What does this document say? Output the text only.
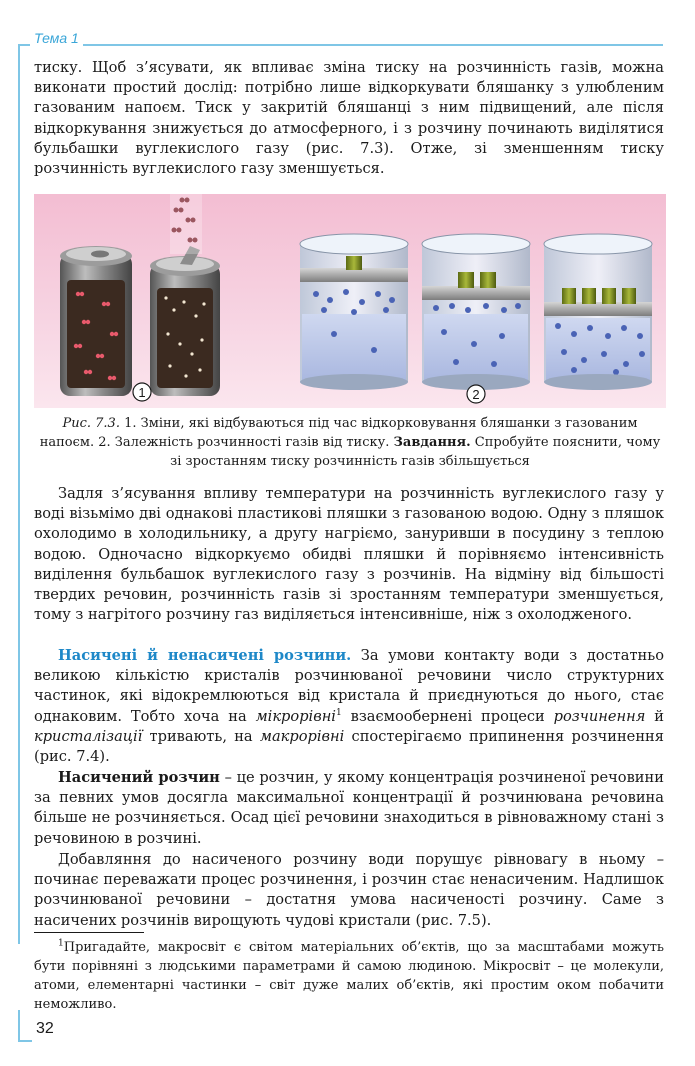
Тема 1

тиску. Щоб з’ясувати, як впливає зміна тиску на розчинність газів, можна виконати простий дослід: потрібно лише відкоркувати бляшанку з улюбленим газованим напоєм. Тиск у закритій бляшанці з ним підвищений, але після відкоркування знижується до атмосферного, і з розчину починають виділятися бульбашки вуглекислого газу (рис. 7.3). Отже, зі зменшенням тиску розчинність вуглекислого газу зменшується.

1	2
Рис. 7.3. 1. Зміни, які відбуваються під час відкорковування бляшанки з газованим напоєм. 2. Залежність розчинності газів від тиску. Завдання. Спробуйте пояснити, чому зі зростанням тиску розчинність газів збільшується

Задля з’ясування впливу температури на розчинність вуглекислого газу у воді візьмімо дві однакові пластикові пляшки з газованою водою. Одну з пляшок охолодимо в холодильнику, а другу нагріємо, зануривши в посудину з теплою водою. Одночасно відкоркуємо обидві пляшки й порівняємо інтенсивність виділення бульбашок вуглекислого газу з розчинів. На відміну від більшості твердих речовин, розчинність газів зі зростанням температури зменшується, тому з нагрітого розчину газ виділяється інтенсивніше, ніж з охолодженого.

Насичені й ненасичені розчини. За умови контакту води з достатньо великою кількістю кристалів розчинюваної речовини число структурних частинок, які відокремлюються від кристала й приєднуються до нього, стає однаковим. Тобто хоча на мікрорівні$^1$ взаємообернені процеси розчинення й кристалізації тривають, на макрорівні спостерігаємо припинення розчинення (рис. 7.4).

Насичений розчин – це розчин, у якому концентрація розчиненої речовини за певних умов досягла максимальної концентрації й розчинювана речовина більше не розчиняється. Осад цієї речовини знаходиться в рівноважному стані з речовиною в розчині.

Добавляння до насиченого розчину води порушує рівновагу в ньому – починає переважати процес розчинення, і розчин стає ненасиченим. Надлишок розчинюваної речовини – достатня умова насиченості розчину. Саме з насичених розчинів вирощують чудові кристали (рис. 7.5).

$^1$Пригадайте, макросвіт є світом матеріальних об’єктів, що за масштабами можуть бути порівняні з людськими параметрами й самою людиною. Мікросвіт – це молекули, атоми, елементарні частинки – світ дуже малих об’єктів, які простим оком побачити неможливо.
32
